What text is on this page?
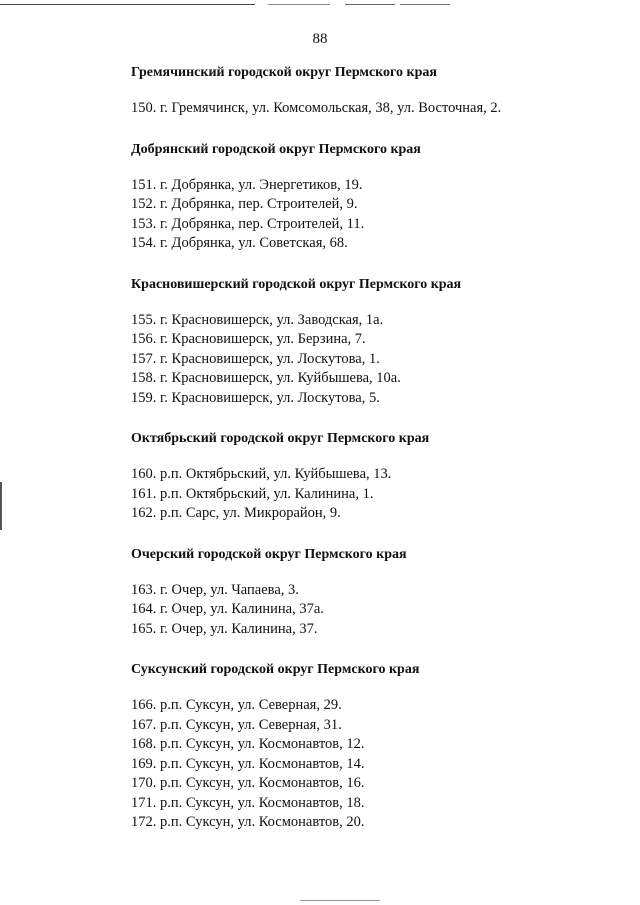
88

Гремячинский городской округ Пермского края

150. г. Гремячинск, ул. Комсомольская, 38, ул. Восточная, 2.

Добрянский городской округ Пермского края

151. г. Добрянка, ул. Энергетиков, 19.
152. г. Добрянка, пер. Строителей, 9.
153. г. Добрянка, пер. Строителей, 11.
154. г. Добрянка, ул. Советская, 68.

Красновишерский городской округ Пермского края

155. г. Красновишерск, ул. Заводская, 1а.
156. г. Красновишерск, ул. Берзина, 7.
157. г. Красновишерск, ул. Лоскутова, 1.
158. г. Красновишерск, ул. Куйбышева, 10а.
159. г. Красновишерск, ул. Лоскутова, 5.

Октябрьский городской округ Пермского края

160. р.п. Октябрьский, ул. Куйбышева, 13.
161. р.п. Октябрьский, ул. Калинина, 1.
162. р.п. Сарс, ул. Микрорайон, 9.

Очерский городской округ Пермского края

163. г. Очер, ул. Чапаева, 3.
164. г. Очер, ул. Калинина, 37а.
165. г. Очер, ул. Калинина, 37.

Суксунский городской округ Пермского края

166. р.п. Суксун, ул. Северная, 29.
167. р.п. Суксун, ул. Северная, 31.
168. р.п. Суксун, ул. Космонавтов, 12.
169. р.п. Суксун, ул. Космонавтов, 14.
170. р.п. Суксун, ул. Космонавтов, 16.
171. р.п. Суксун, ул. Космонавтов, 18.
172. р.п. Суксун, ул. Космонавтов, 20.
